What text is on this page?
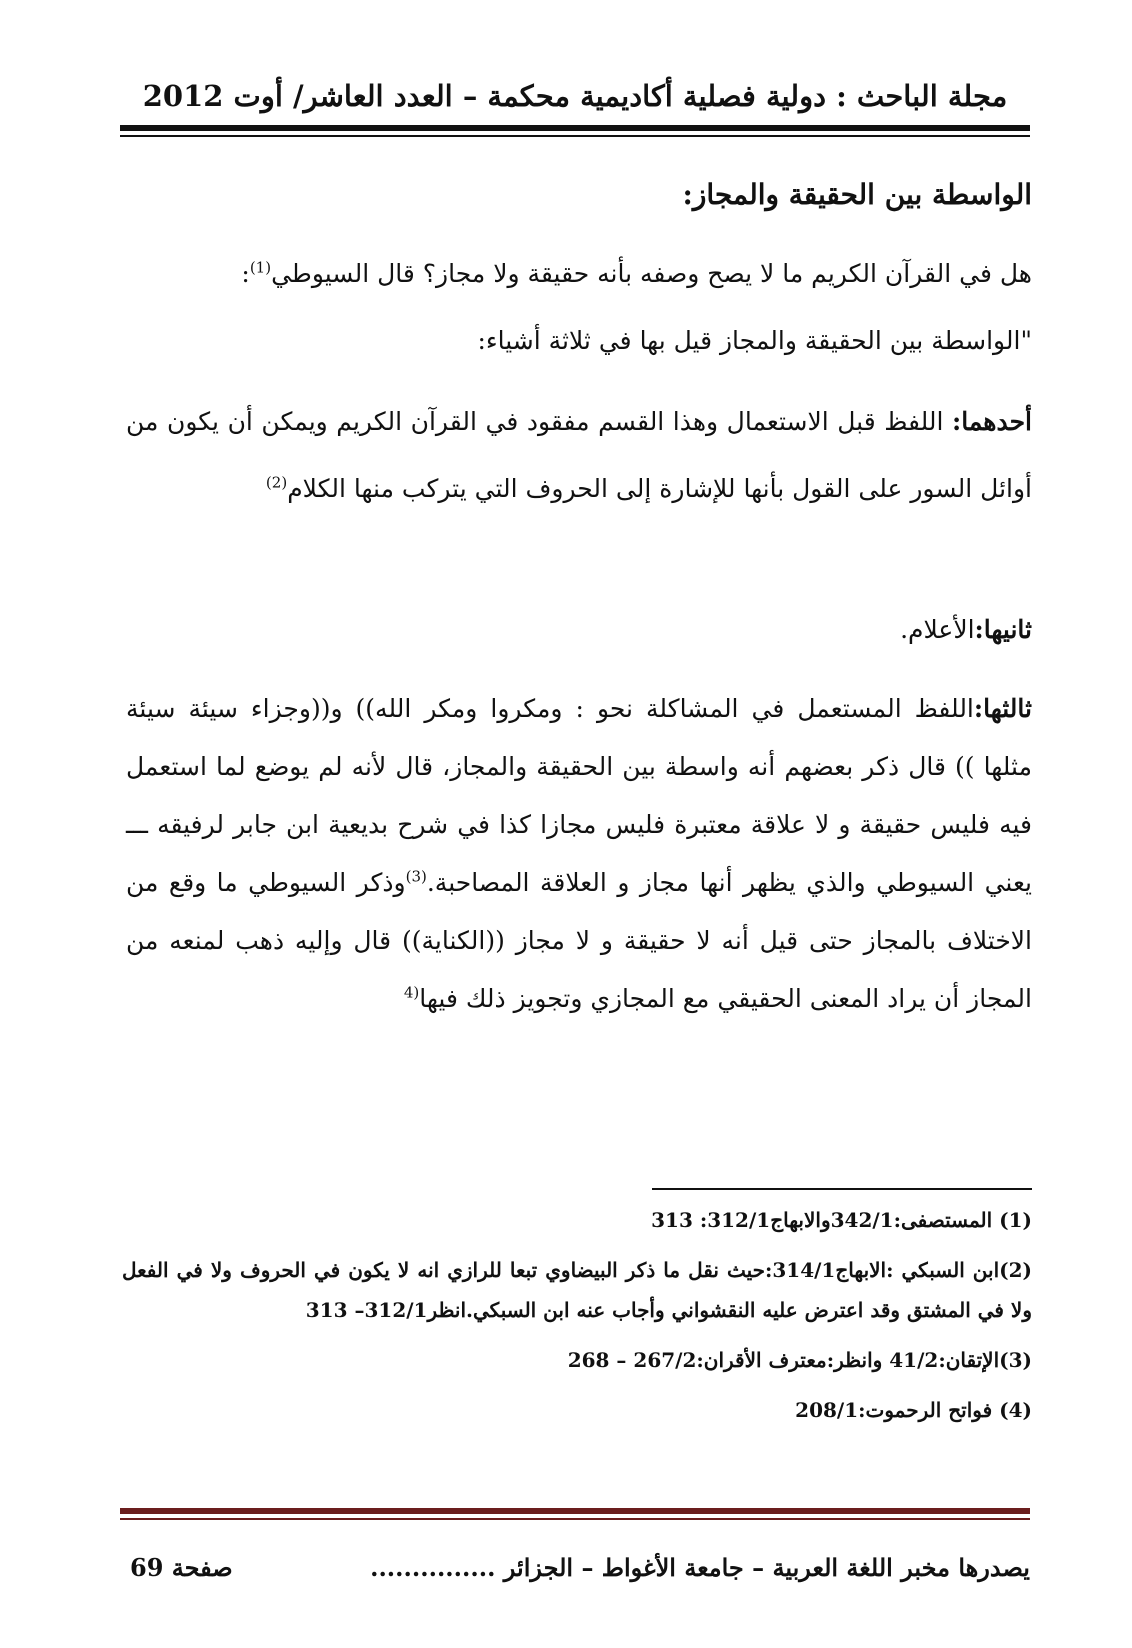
مجلة الباحث : دولية فصلية أكاديمية محكمة – العدد العاشر/ أوت 2012
الواسطة بين الحقيقة والمجاز:

هل في القرآن الكريم ما لا يصح وصفه بأنه حقيقة ولا مجاز؟ قال السيوطي$^{(1)}$:
"الواسطة بين الحقيقة والمجاز قيل بها في ثلاثة أشياء:

أحدهما: اللفظ قبل الاستعمال وهذا القسم مفقود في القرآن الكريم ويمكن أن يكون من أوائل السور على القول بأنها للإشارة إلى الحروف التي يتركب منها الكلام$^{(2)}$

ثانيها:الأعلام.

ثالثها:اللفظ المستعمل في المشاكلة نحو : ومكروا ومكر الله)) و((وجزاء سيئة سيئة مثلها )) قال ذكر بعضهم أنه واسطة بين الحقيقة والمجاز، قال لأنه لم يوضع لما استعمل فيه فليس حقيقة و لا علاقة معتبرة فليس مجازا كذا في شرح بديعية ابن جابر لرفيقه ـــ يعني السيوطي والذي يظهر أنها مجاز و العلاقة المصاحبة.$^{(3)}$وذكر السيوطي ما وقع من الاختلاف بالمجاز حتى قيل أنه لا حقيقة و لا مجاز ((الكناية)) قال وإليه ذهب لمنعه من المجاز أن يراد المعنى الحقيقي مع المجازي وتجويز ذلك فيها$^{(4}$

(1) المستصفى:342/1والابهاج312/1: 313
(2)ابن السبكي :الابهاج314/1:حيث نقل ما ذكر البيضاوي تبعا للرازي انه لا يكون في الحروف ولا في الفعل ولا في المشتق وقد اعترض عليه النقشواني وأجاب عنه ابن السبكي.انظر312/1– 313
(3)الإتقان:41/2 وانظر:معترف الأقران:267/2 – 268
(4) فواتح الرحموت:208/1
يصدرها مخبر اللغة العربية – جامعة الأغواط – الجزائر ...............
صفحة 69
